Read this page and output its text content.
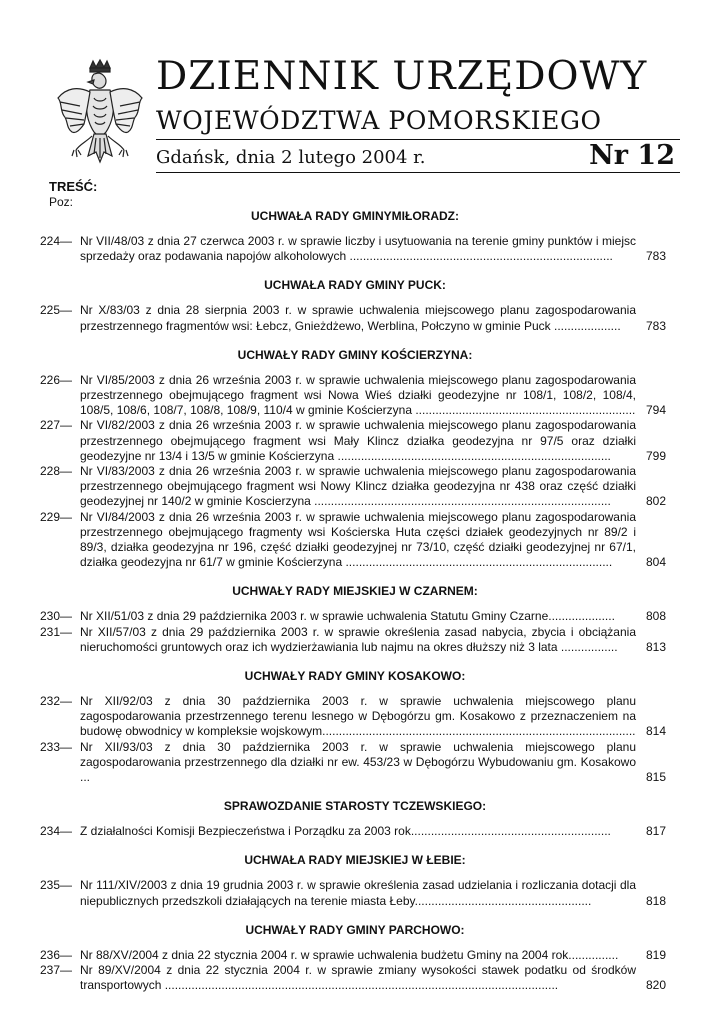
DZIENNIK URZĘDOWY
WOJEWÓDZTWA POMORSKIEGO
Gdańsk, dnia 2 lutego 2004 r.	Nr 12
TREŚĆ:
Poz:
UCHWAŁA RADY GMINYMIŁORADZ:
224— Nr VII/48/03 z dnia 27 czerwca 2003 r. w sprawie liczby i usytuowania na terenie gminy punktów i miejsc sprzedaży oraz podawania napojów alkoholowych ...............................................................................	783
UCHWAŁA RADY GMINY PUCK:
225— Nr X/83/03 z dnia 28 sierpnia 2003 r. w sprawie uchwalenia miejscowego planu zagospodarowania przestrzennego fragmentów wsi: Łebcz, Gnieżdżewo, Werblina, Połczyno w gminie Puck ....................	783
UCHWAŁY RADY GMINY KOŚCIERZYNA:
226— Nr VI/85/2003 z dnia 26 września 2003 r. w sprawie uchwalenia miejscowego planu zagospodarowania przestrzennego obejmującego fragment wsi Nowa Wieś działki geodezyjne nr 108/1, 108/2, 108/4, 108/5, 108/6, 108/7, 108/8, 108/9, 110/4 w gminie Kościerzyna .................................................................. 794
227— Nr VI/82/2003 z dnia 26 września 2003 r. w sprawie uchwalenia miejscowego planu zagospodarowania przestrzennego obejmującego fragment wsi Mały Klincz działka geodezyjna nr 97/5 oraz działki geodezyjne nr 13/4 i 13/5 w gminie Kościerzyna ..................................................................................	799
228— Nr VI/83/2003 z dnia 26 września 2003 r. w sprawie uchwalenia miejscowego planu zagospodarowania przestrzennego obejmującego fragment wsi Nowy Klincz działka geodezyjna nr 438 oraz część działki geodezyjnej nr 140/2 w gminie Koscierzyna .........................................................................................	802
229— Nr VI/84/2003 z dnia 26 września 2003 r. w sprawie uchwalenia miejscowego planu zagospodarowania przestrzennego obejmującego fragmenty wsi Kościerska Huta części działek geodezyjnych nr 89/2 i 89/3, działka geodezyjna nr 196, część działki geodezyjnej nr 73/10, część działki geodezyjnej nr 67/1, działka geodezyjna nr 61/7 w gminie Kościerzyna ................................................................................	804
UCHWAŁY RADY MIEJSKIEJ W CZARNEM:
230— Nr XII/51/03 z dnia 29 października 2003 r. w sprawie uchwalenia Statutu Gminy Czarne....................	808
231— Nr XII/57/03 z dnia 29 października 2003 r. w sprawie określenia zasad nabycia, zbycia i obciążania nieruchomości gruntowych oraz ich wydzierżawiania lub najmu na okres dłuższy niż 3 lata .................	813
UCHWAŁY RADY GMINY KOSAKOWO:
232— Nr XII/92/03 z dnia 30 października 2003 r. w sprawie uchwalenia miejscowego planu zagospodarowania przestrzennego terenu lesnego w Dębogórzu gm. Kosakowo z przeznaczeniem na budowę obwodnicy w kompleksie wojskowym.............................................................................................. 814
233— Nr XII/93/03 z dnia 30 października 2003 r. w sprawie uchwalenia miejscowego planu zagospodarowania przestrzennego dla działki nr ew. 453/23 w Dębogórzu Wybudowaniu gm. Kosakowo ...	815
SPRAWOZDANIE STAROSTY TCZEWSKIEGO:
234— Z działalności Komisji Bezpieczeństwa i Porządku za 2003 rok............................................................	817
UCHWAŁA RADY MIEJSKIEJ W ŁEBIE:
235— Nr 111/XIV/2003 z dnia 19 grudnia 2003 r. w sprawie określenia zasad udzielania i rozliczania dotacji dla niepublicznych przedszkoli działających na terenie miasta Łeby.....................................................	818
UCHWAŁY RADY GMINY PARCHOWO:
236— Nr 88/XV/2004 z dnia 22 stycznia 2004 r. w sprawie uchwalenia budżetu Gminy na 2004 rok...............	819
237— Nr 89/XV/2004 z dnia 22 stycznia 2004 r. w sprawie zmiany wysokości stawek podatku od środków transportowych ......................................................................................................................	820
